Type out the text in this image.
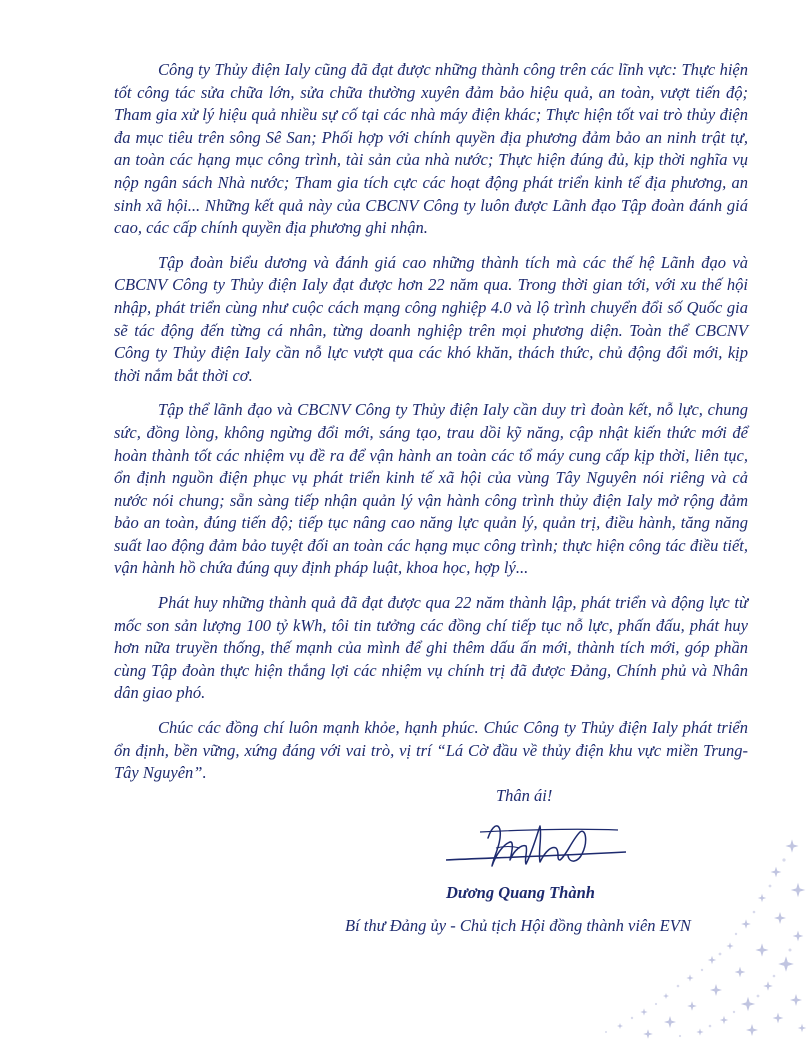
Công ty Thủy điện Ialy cũng đã đạt được những thành công trên các lĩnh vực: Thực hiện tốt công tác sửa chữa lớn, sửa chữa thường xuyên đảm bảo hiệu quả, an toàn, vượt tiến độ; Tham gia xử lý hiệu quả nhiều sự cố tại các nhà máy điện khác; Thực hiện tốt vai trò thủy điện đa mục tiêu trên sông Sê San; Phối hợp với chính quyền địa phương đảm bảo an ninh trật tự, an toàn các hạng mục công trình, tài sản của nhà nước; Thực hiện đúng đủ, kịp thời nghĩa vụ nộp ngân sách Nhà nước; Tham gia tích cực các hoạt động phát triển kinh tế địa phương, an sinh xã hội... Những kết quả này của CBCNV Công ty luôn được Lãnh đạo Tập đoàn đánh giá cao, các cấp chính quyền địa phương ghi nhận.

Tập đoàn biểu dương và đánh giá cao những thành tích mà các thế hệ Lãnh đạo và CBCNV Công ty Thủy điện Ialy đạt được hơn 22 năm qua. Trong thời gian tới, với xu thế hội nhập, phát triển cùng như cuộc cách mạng công nghiệp 4.0 và lộ trình chuyển đổi số Quốc gia sẽ tác động đến từng cá nhân, từng doanh nghiệp trên mọi phương diện. Toàn thể CBCNV Công ty Thủy điện Ialy cần nỗ lực vượt qua các khó khăn, thách thức, chủ động đổi mới, kịp thời nắm bắt thời cơ.

Tập thể lãnh đạo và CBCNV Công ty Thủy điện Ialy cần duy trì đoàn kết, nỗ lực, chung sức, đồng lòng, không ngừng đổi mới, sáng tạo, trau dồi kỹ năng, cập nhật kiến thức mới để hoàn thành tốt các nhiệm vụ đề ra để vận hành an toàn các tổ máy cung cấp kịp thời, liên tục, ổn định nguồn điện phục vụ phát triển kinh tế xã hội của vùng Tây Nguyên nói riêng và cả nước nói chung; sẵn sàng tiếp nhận quản lý vận hành công trình thủy điện Ialy mở rộng đảm bảo an toàn, đúng tiến độ; tiếp tục nâng cao năng lực quản lý, quản trị, điều hành, tăng năng suất lao động đảm bảo tuyệt đối an toàn các hạng mục công trình; thực hiện công tác điều tiết, vận hành hồ chứa đúng quy định pháp luật, khoa học, hợp lý...

Phát huy những thành quả đã đạt được qua 22 năm thành lập, phát triển và động lực từ mốc son sản lượng 100 tỷ kWh, tôi tin tưởng các đồng chí tiếp tục nỗ lực, phấn đấu, phát huy hơn nữa truyền thống, thế mạnh của mình để ghi thêm dấu ấn mới, thành tích mới, góp phần cùng Tập đoàn thực hiện thắng lợi các nhiệm vụ chính trị đã được Đảng, Chính phủ và Nhân dân giao phó.

Chúc các đồng chí luôn mạnh khỏe, hạnh phúc. Chúc Công ty Thủy điện Ialy phát triển ổn định, bền vững, xứng đáng với vai trò, vị trí “Lá Cờ đầu về thủy điện khu vực miền Trung-Tây Nguyên”.

Thân ái!

Dương Quang Thành

Bí thư Đảng ủy - Chủ tịch Hội đồng thành viên EVN
